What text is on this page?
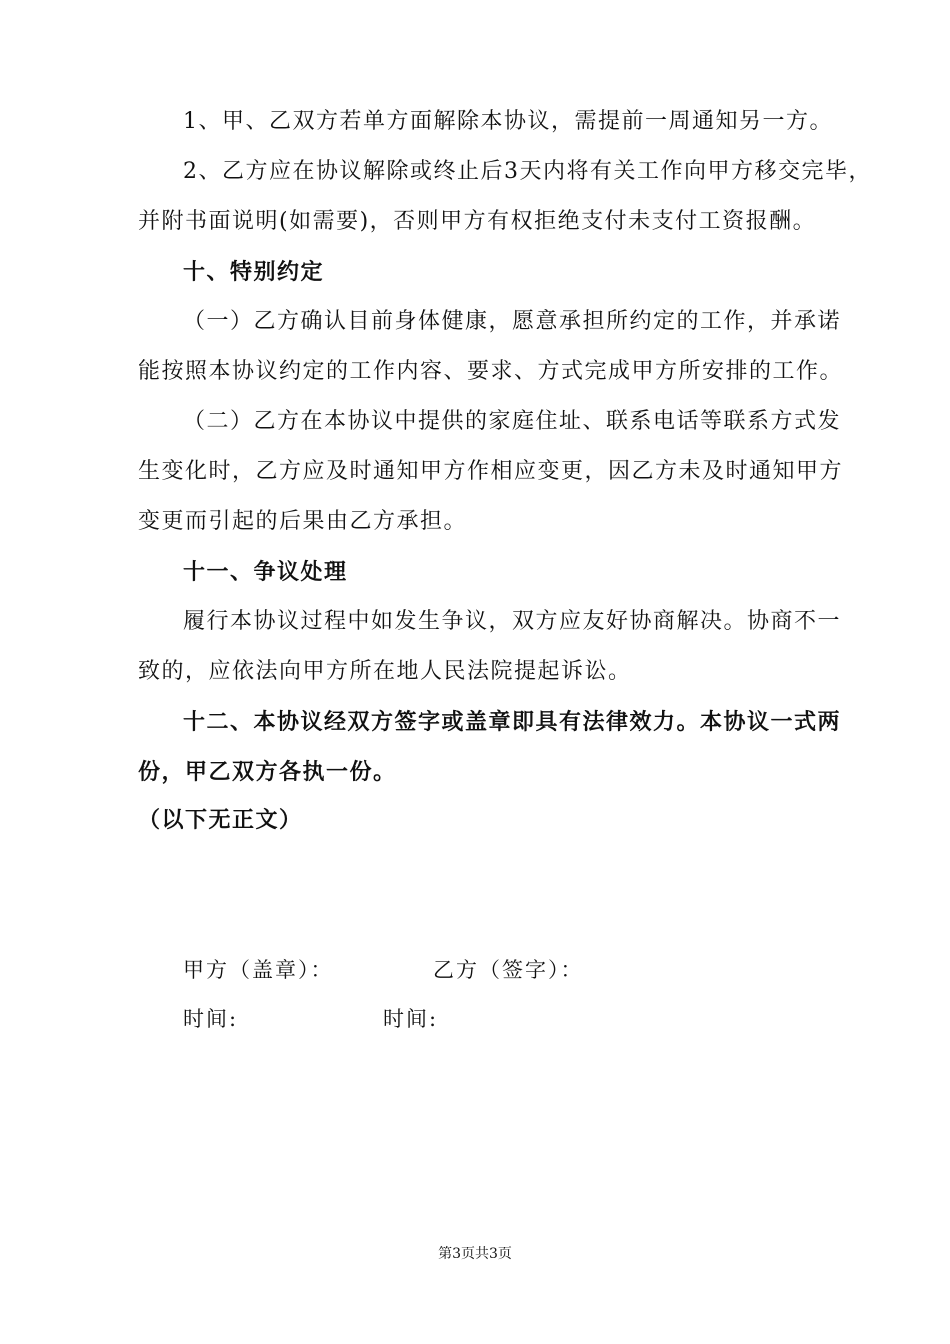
1、甲、乙双方若单方面解除本协议，需提前一周通知另一方。
2、乙方应在协议解除或终止后3天内将有关工作向甲方移交完毕，
并附书面说明(如需要)，否则甲方有权拒绝支付未支付工资报酬。
十、特别约定
（一）乙方确认目前身体健康，愿意承担所约定的工作，并承诺
能按照本协议约定的工作内容、要求、方式完成甲方所安排的工作。
（二）乙方在本协议中提供的家庭住址、联系电话等联系方式发
生变化时，乙方应及时通知甲方作相应变更，因乙方未及时通知甲方
变更而引起的后果由乙方承担。
十一、争议处理
履行本协议过程中如发生争议，双方应友好协商解决。协商不一
致的，应依法向甲方所在地人民法院提起诉讼。
十二、本协议经双方签字或盖章即具有法律效力。本协议一式两
份，甲乙双方各执一份。
（以下无正文）
甲方（盖章）：	乙方（签字）：
时间:	时间:
第3页共3页
